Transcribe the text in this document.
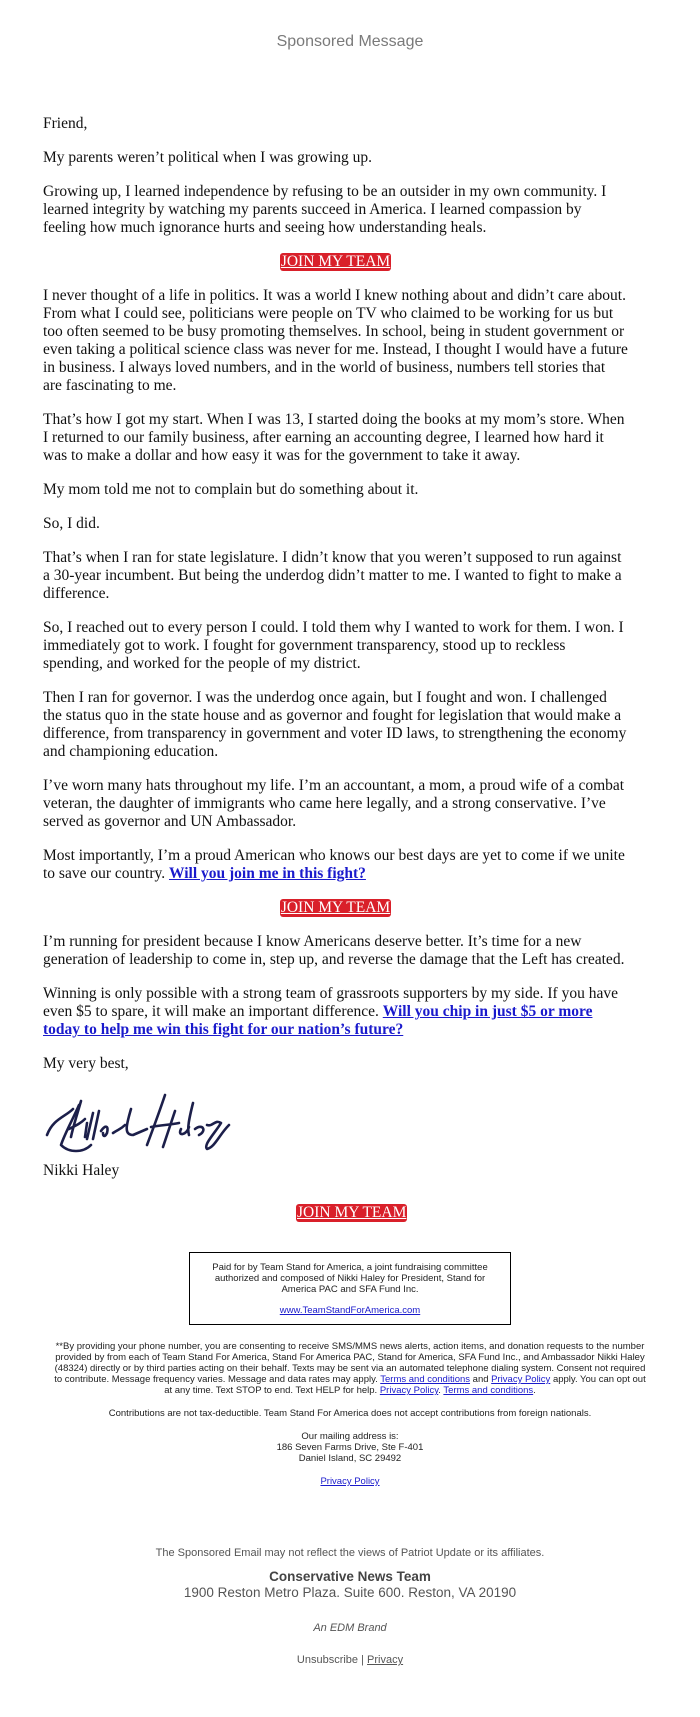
Sponsored Message

Friend,

My parents weren’t political when I was growing up.

Growing up, I learned independence by refusing to be an outsider in my own community. I learned integrity by watching my parents succeed in America. I learned compassion by feeling how much ignorance hurts and seeing how understanding heals.

JOIN MY TEAM

I never thought of a life in politics. It was a world I knew nothing about and didn’t care about. From what I could see, politicians were people on TV who claimed to be working for us but too often seemed to be busy promoting themselves. In school, being in student government or even taking a political science class was never for me. Instead, I thought I would have a future in business. I always loved numbers, and in the world of business, numbers tell stories that are fascinating to me.

That’s how I got my start. When I was 13, I started doing the books at my mom’s store. When I returned to our family business, after earning an accounting degree, I learned how hard it was to make a dollar and how easy it was for the government to take it away.

My mom told me not to complain but do something about it.

So, I did.

That’s when I ran for state legislature. I didn’t know that you weren’t supposed to run against a 30-year incumbent. But being the underdog didn’t matter to me. I wanted to fight to make a difference.

So, I reached out to every person I could. I told them why I wanted to work for them. I won. I immediately got to work. I fought for government transparency, stood up to reckless spending, and worked for the people of my district.

Then I ran for governor. I was the underdog once again, but I fought and won. I challenged the status quo in the state house and as governor and fought for legislation that would make a difference, from transparency in government and voter ID laws, to strengthening the economy and championing education.

I’ve worn many hats throughout my life. I’m an accountant, a mom, a proud wife of a combat veteran, the daughter of immigrants who came here legally, and a strong conservative. I’ve served as governor and UN Ambassador.

Most importantly, I’m a proud American who knows our best days are yet to come if we unite to save our country. Will you join me in this fight?

JOIN MY TEAM

I’m running for president because I know Americans deserve better. It’s time for a new generation of leadership to come in, step up, and reverse the damage that the Left has created.

Winning is only possible with a strong team of grassroots supporters by my side. If you have even $5 to spare, it will make an important difference. Will you chip in just $5 or more today to help me win this fight for our nation’s future?

My very best,

Nikki Haley

JOIN MY TEAM
Paid for by Team Stand for America, a joint fundraising committee authorized and composed of Nikki Haley for President, Stand for America PAC and SFA Fund Inc.
www.TeamStandForAmerica.com

**By providing your phone number, you are consenting to receive SMS/MMS news alerts, action items, and donation requests to the number provided by from each of Team Stand For America, Stand For America PAC, Stand for America, SFA Fund Inc., and Ambassador Nikki Haley (48324) directly or by third parties acting on their behalf. Texts may be sent via an automated telephone dialing system. Consent not required to contribute. Message frequency varies. Message and data rates may apply. Terms and conditions and Privacy Policy apply. You can opt out at any time. Text STOP to end. Text HELP for help. Privacy Policy. Terms and conditions.

Contributions are not tax-deductible. Team Stand For America does not accept contributions from foreign nationals.

Our mailing address is:
186 Seven Farms Drive, Ste F-401
Daniel Island, SC 29492

Privacy Policy

The Sponsored Email may not reflect the views of Patriot Update or its affiliates.
Conservative News Team
1900 Reston Metro Plaza. Suite 600. Reston, VA 20190
An EDM Brand
Unsubscribe | Privacy
